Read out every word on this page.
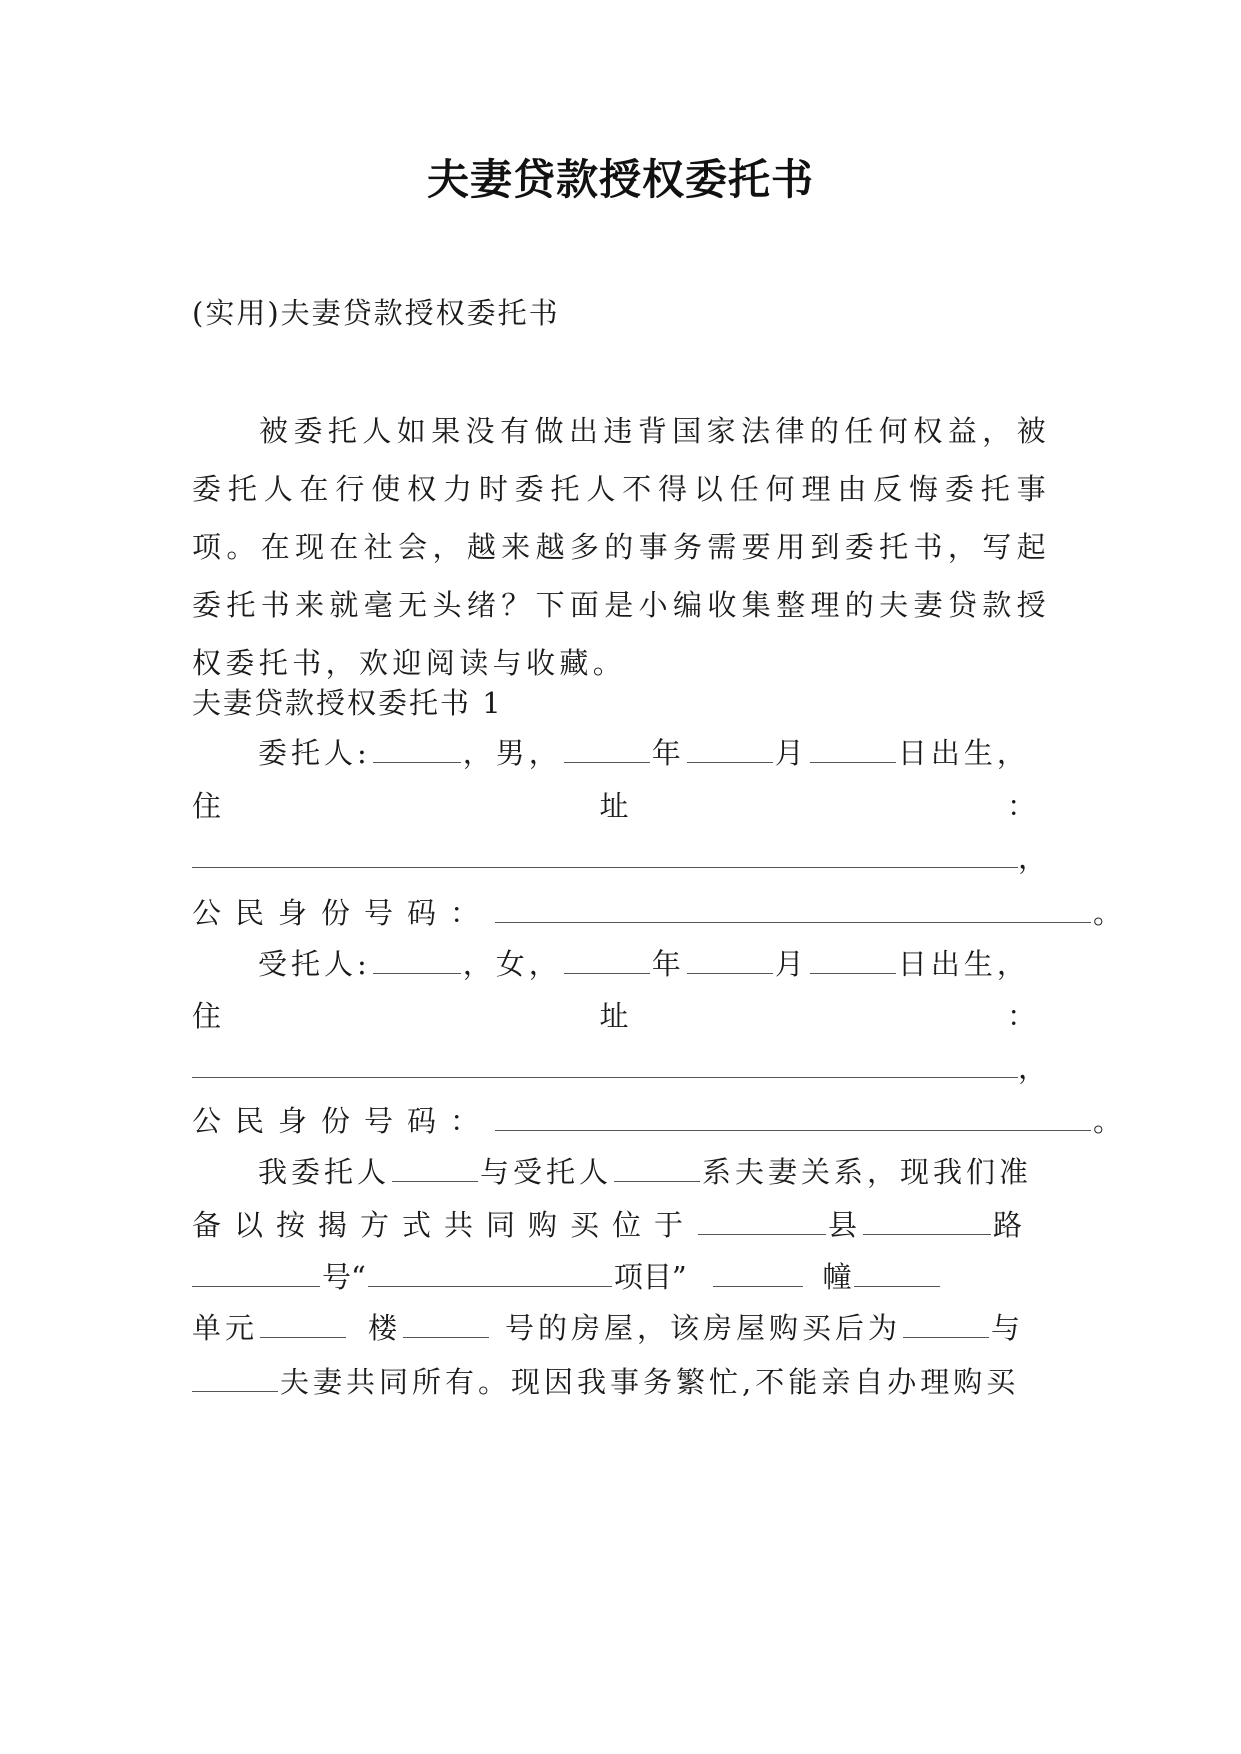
夫妻贷款授权委托书
(实用)夫妻贷款授权委托书
被委托人如果没有做出违背国家法律的任何权益，被委托人在行使权力时委托人不得以任何理由反悔委托事项。在现在社会，越来越多的事务需要用到委托书，写起委托书来就毫无头绪？下面是小编收集整理的夫妻贷款授权委托书，欢迎阅读与收藏。
夫妻贷款授权委托书 1
委托人:	，男，	年	月	日出生，
住	址	：
，
公民身份号码：	。
受托人:	，女，	年	月	日出生，
住	址	：
，
公民身份号码：	。
我委托人	与受托人	系夫妻关系，现我们准
备以按揭方式共同购买位于	县	路
号“	项目”	幢
单元	楼	号的房屋，该房屋购买后为	与
夫妻共同所有。现因我事务繁忙,不能亲自办理购买
